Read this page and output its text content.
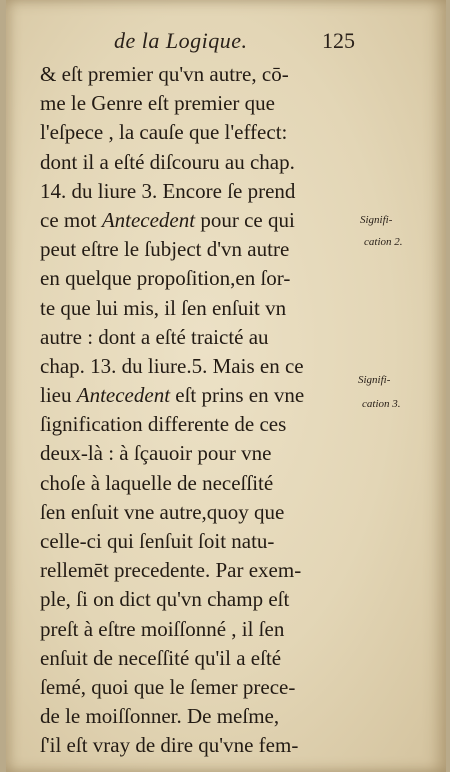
de la Logique.	125
& eſt premier qu'vn autre, cō-
me le Genre eſt premier que
l'eſpece , la cauſe que l'effect:
dont il a eſté diſcouru au chap.
14. du liure 3. Encore ſe prend
ce mot Antecedent pour ce qui
peut eſtre le ſubject d'vn autre
en quelque propoſition,en ſor-
te que lui mis, il ſen enſuit vn
autre : dont a eſté traicté au
chap. 13. du liure.5. Mais en ce
lieu Antecedent eſt prins en vne
ſignification differente de ces
deux-là : à ſçauoir pour vne
choſe à laquelle de neceſſité
ſen enſuit vne autre,quoy que
celle-ci qui ſenſuit ſoit natu-
rellemēt precedente. Par exem-
ple, ſi on dict qu'vn champ eſt
preſt à eſtre moiſſonné , il ſen
enſuit de neceſſité qu'il a eſté
ſemé, quoi que le ſemer prece-
de le moiſſonner. De meſme,
ſ'il eſt vray de dire qu'vne fem-
Signifi-
cation 2.
Signifi-
cation 3.
